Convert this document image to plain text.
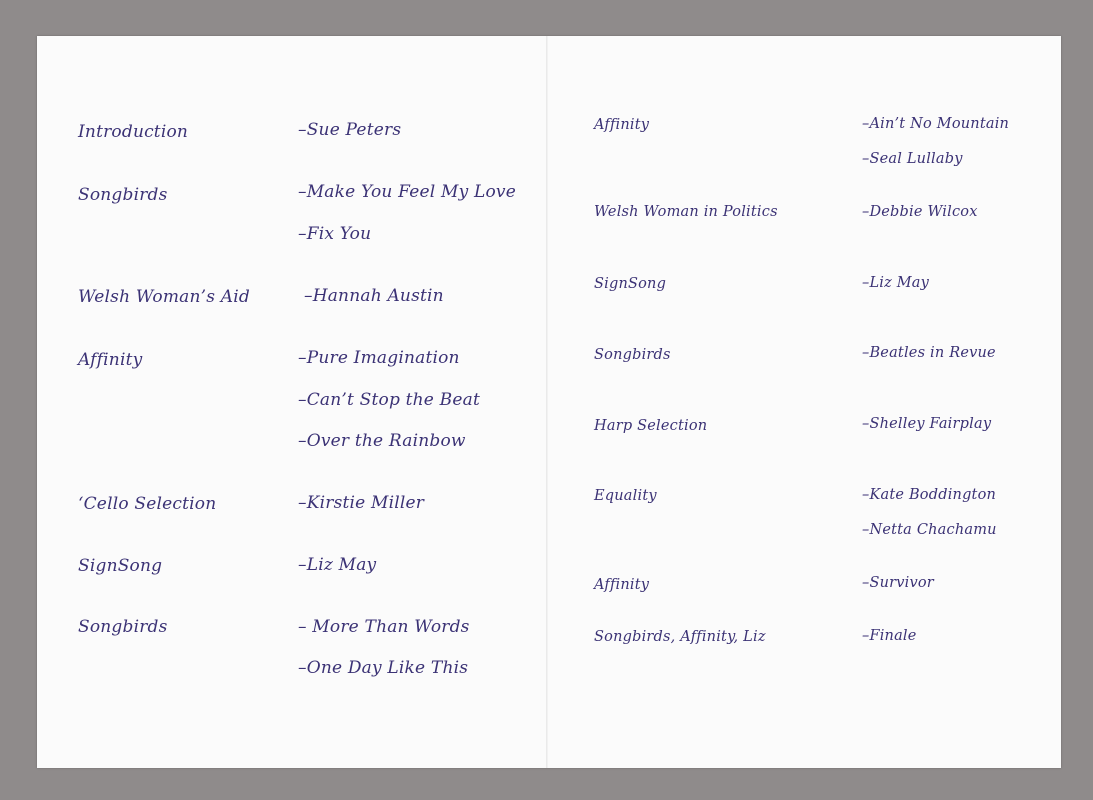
Introduction	–Sue Peters

Songbirds	–Make You Feel My Love

–Fix You

Welsh Woman’s Aid	–Hannah Austin

Affinity	–Pure Imagination

–Can’t Stop the Beat

–Over the Rainbow

‘Cello Selection	–Kirstie Miller

SignSong	–Liz May

Songbirds	– More Than Words

–One Day Like This

Affinity	–Ain’t No Mountain

–Seal Lullaby

Welsh Woman in Politics	–Debbie Wilcox

SignSong	–Liz May

Songbirds	–Beatles in Revue

Harp Selection	–Shelley Fairplay

Equality	–Kate Boddington

–Netta Chachamu

Affinity	–Survivor

Songbirds, Affinity, Liz	–Finale
